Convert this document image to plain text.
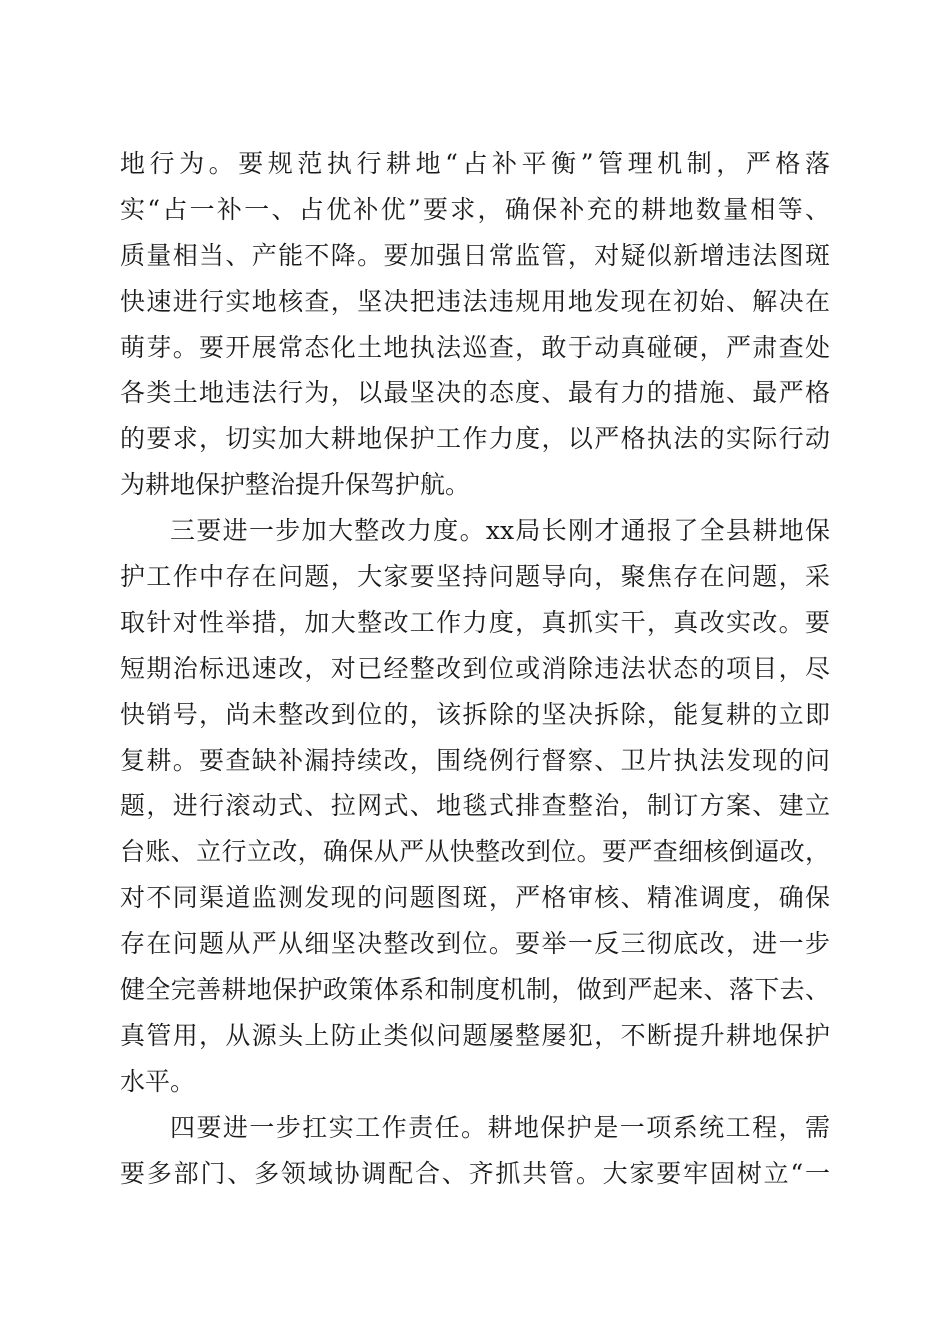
地行为。要规范执行耕地“占补平衡”管理机制，严格落
实“占一补一、占优补优”要求，确保补充的耕地数量相等、
质量相当、产能不降。要加强日常监管，对疑似新增违法图斑
快速进行实地核查，坚决把违法违规用地发现在初始、解决在
萌芽。要开展常态化土地执法巡查，敢于动真碰硬，严肃查处
各类土地违法行为，以最坚决的态度、最有力的措施、最严格
的要求，切实加大耕地保护工作力度，以严格执法的实际行动
为耕地保护整治提升保驾护航。
三要进一步加大整改力度。xx局长刚才通报了全县耕地保
护工作中存在问题，大家要坚持问题导向，聚焦存在问题，采
取针对性举措，加大整改工作力度，真抓实干，真改实改。要
短期治标迅速改，对已经整改到位或消除违法状态的项目，尽
快销号，尚未整改到位的，该拆除的坚决拆除，能复耕的立即
复耕。要查缺补漏持续改，围绕例行督察、卫片执法发现的问
题，进行滚动式、拉网式、地毯式排查整治，制订方案、建立
台账、立行立改，确保从严从快整改到位。要严查细核倒逼改，
对不同渠道监测发现的问题图斑，严格审核、精准调度，确保
存在问题从严从细坚决整改到位。要举一反三彻底改，进一步
健全完善耕地保护政策体系和制度机制，做到严起来、落下去、
真管用，从源头上防止类似问题屡整屡犯，不断提升耕地保护
水平。
四要进一步扛实工作责任。耕地保护是一项系统工程，需
要多部门、多领域协调配合、齐抓共管。大家要牢固树立“一
